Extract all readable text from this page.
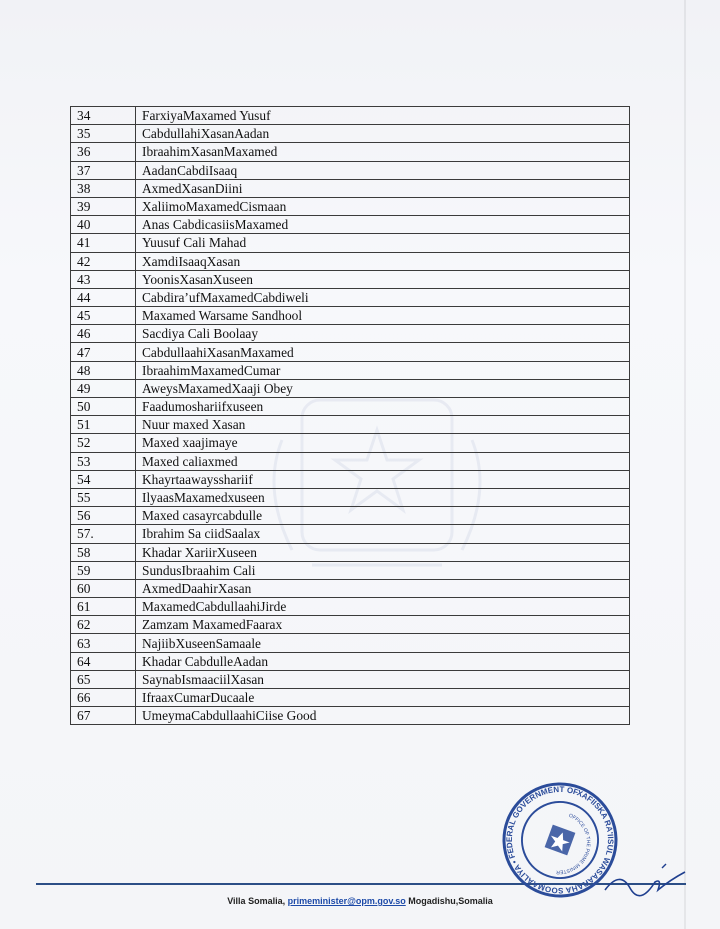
34	FarxiyaMaxamed Yusuf
35	CabdullahiXasanAadan
36	IbraahimXasanMaxamed
37	AadanCabdiIsaaq
38	AxmedXasanDiini
39	XaliimoMaxamedCismaan
40	Anas CabdicasiisMaxamed
41	Yuusuf Cali Mahad
42	XamdiIsaaqXasan
43	YoonisXasanXuseen
44	Cabdira’ufMaxamedCabdiweli
45	Maxamed Warsame Sandhool
46	Sacdiya Cali Boolaay
47	CabdullaahiXasanMaxamed
48	IbraahimMaxamedCumar
49	AweysMaxamedXaaji Obey
50	Faadumoshariifxuseen
51	Nuur maxed Xasan
52	Maxed xaajimaye
53	Maxed caliaxmed
54	Khayrtaawaysshariif
55	IlyaasMaxamedxuseen
56	Maxed casayrcabdulle
57.	Ibrahim Sa ciidSaalax
58	Khadar XariirXuseen
59	SundusIbraahim Cali
60	AxmedDaahirXasan
61	MaxamedCabdullaahiJirde
62	Zamzam MaxamedFaarax
63	NajiibXuseenSamaale
64	Khadar CabdulleAadan
65	SaynabIsmaaciilXasan
66	IfraaxCumarDucaale
67	UmeymaCabdullaahiCiise Good
Villa Somalia, primeminister@opm.gov.so Mogadishu,Somalia
XAFIISKA RA'IISUL WASAARAHA SOOMAALIYA • FEDERAL GOVERNMENT OF
OFFICE OF THE PRIME MINISTER
